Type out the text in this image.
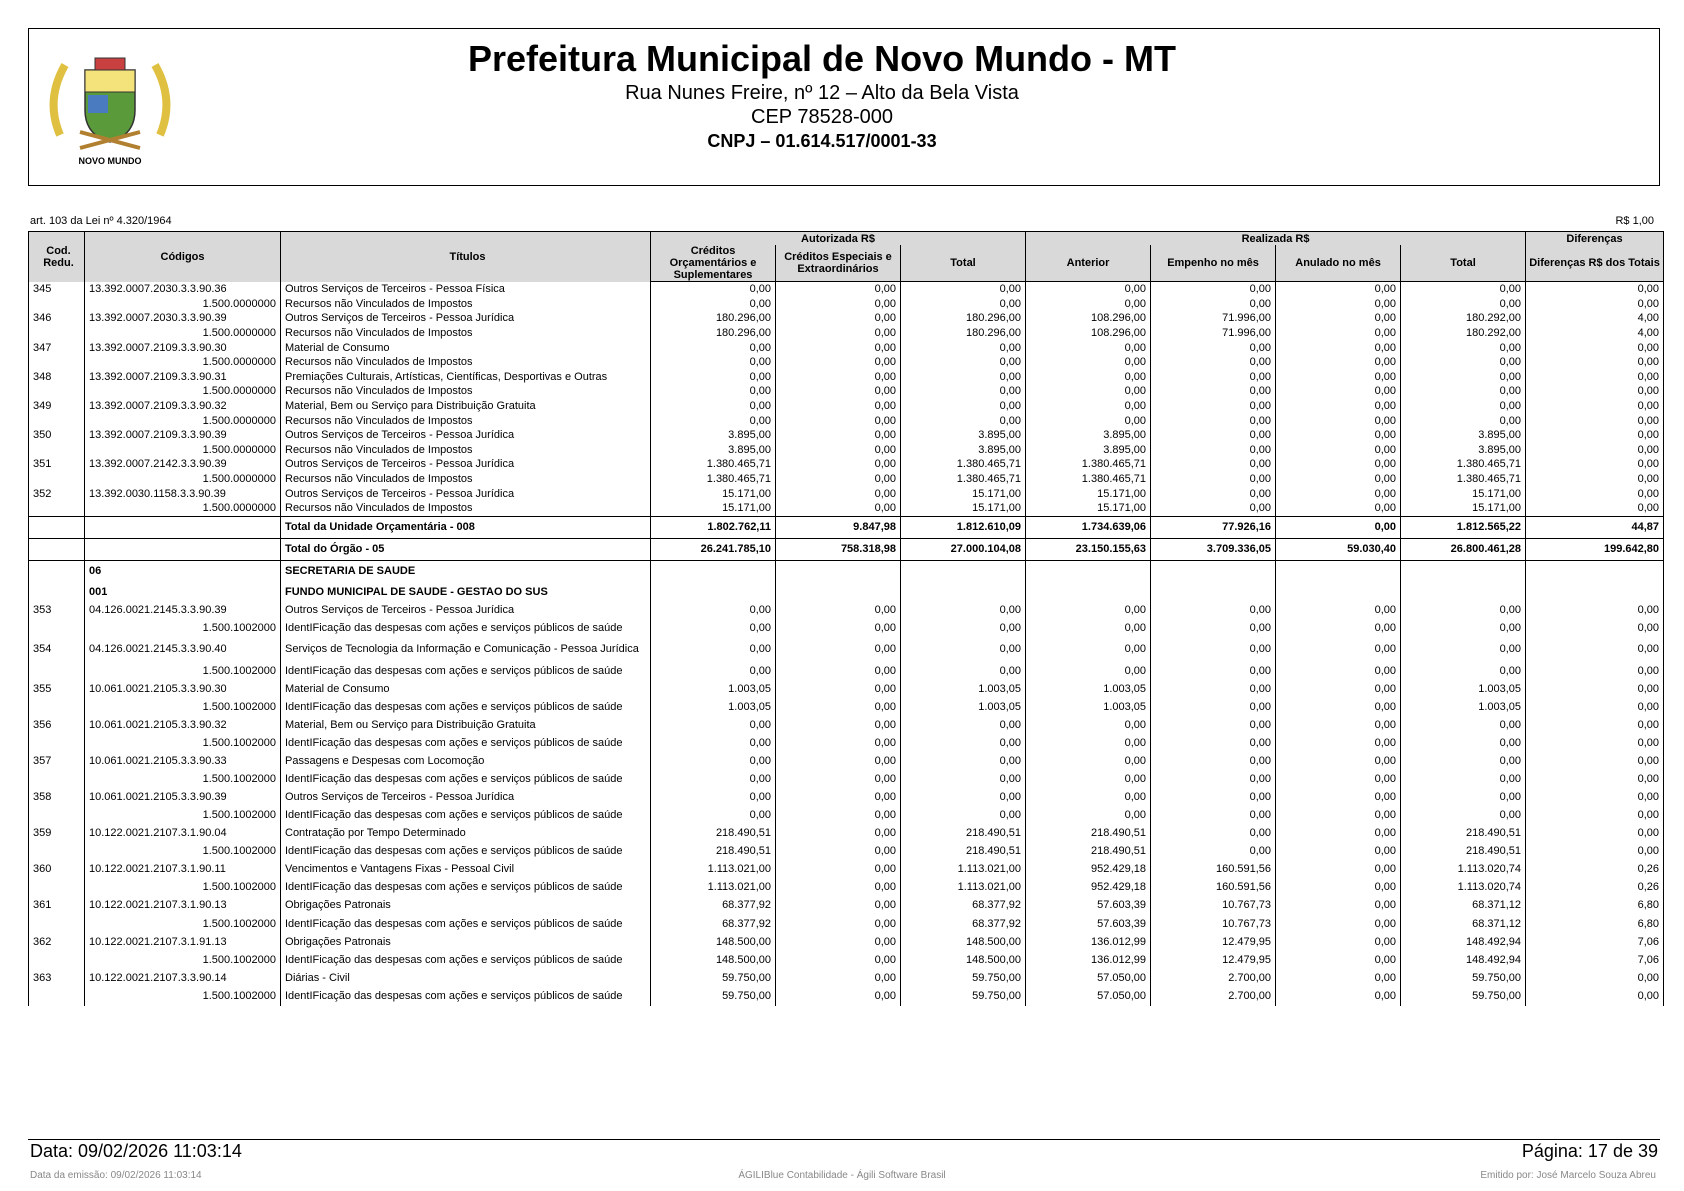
NOVO MUNDO
Prefeitura Municipal de Novo Mundo - MT
Rua Nunes Freire, nº 12 – Alto da Bela Vista
CEP 78528-000
CNPJ – 01.614.517/0001-33
art. 103 da Lei nº 4.320/1964	R$ 1,00
Cod. Redu.	Códigos	Títulos	Autorizada R$			Realizada R$				Diferenças
			Créditos Orçamentários e Suplementares	Créditos Especiais e Extraordinários	Total	Anterior	Empenho no mês	Anulado no mês	Total	Diferenças R$ dos Totais
345	13.392.0007.2030.3.3.90.36	Outros Serviços de Terceiros - Pessoa Física	0,00	0,00	0,00	0,00	0,00	0,00	0,00	0,00
	1.500.0000000	Recursos não Vinculados de Impostos	0,00	0,00	0,00	0,00	0,00	0,00	0,00	0,00
346	13.392.0007.2030.3.3.90.39	Outros Serviços de Terceiros - Pessoa Jurídica	180.296,00	0,00	180.296,00	108.296,00	71.996,00	0,00	180.292,00	4,00
	1.500.0000000	Recursos não Vinculados de Impostos	180.296,00	0,00	180.296,00	108.296,00	71.996,00	0,00	180.292,00	4,00
347	13.392.0007.2109.3.3.90.30	Material de Consumo	0,00	0,00	0,00	0,00	0,00	0,00	0,00	0,00
	1.500.0000000	Recursos não Vinculados de Impostos	0,00	0,00	0,00	0,00	0,00	0,00	0,00	0,00
348	13.392.0007.2109.3.3.90.31	Premiações Culturais, Artísticas, Científicas, Desportivas e Outras	0,00	0,00	0,00	0,00	0,00	0,00	0,00	0,00
	1.500.0000000	Recursos não Vinculados de Impostos	0,00	0,00	0,00	0,00	0,00	0,00	0,00	0,00
349	13.392.0007.2109.3.3.90.32	Material, Bem ou Serviço para Distribuição Gratuita	0,00	0,00	0,00	0,00	0,00	0,00	0,00	0,00
	1.500.0000000	Recursos não Vinculados de Impostos	0,00	0,00	0,00	0,00	0,00	0,00	0,00	0,00
350	13.392.0007.2109.3.3.90.39	Outros Serviços de Terceiros - Pessoa Jurídica	3.895,00	0,00	3.895,00	3.895,00	0,00	0,00	3.895,00	0,00
	1.500.0000000	Recursos não Vinculados de Impostos	3.895,00	0,00	3.895,00	3.895,00	0,00	0,00	3.895,00	0,00
351	13.392.0007.2142.3.3.90.39	Outros Serviços de Terceiros - Pessoa Jurídica	1.380.465,71	0,00	1.380.465,71	1.380.465,71	0,00	0,00	1.380.465,71	0,00
	1.500.0000000	Recursos não Vinculados de Impostos	1.380.465,71	0,00	1.380.465,71	1.380.465,71	0,00	0,00	1.380.465,71	0,00
352	13.392.0030.1158.3.3.90.39	Outros Serviços de Terceiros - Pessoa Jurídica	15.171,00	0,00	15.171,00	15.171,00	0,00	0,00	15.171,00	0,00
	1.500.0000000	Recursos não Vinculados de Impostos	15.171,00	0,00	15.171,00	15.171,00	0,00	0,00	15.171,00	0,00
		Total da Unidade Orçamentária - 008	1.802.762,11	9.847,98	1.812.610,09	1.734.639,06	77.926,16	0,00	1.812.565,22	44,87
		Total do Órgão - 05	26.241.785,10	758.318,98	27.000.104,08	23.150.155,63	3.709.336,05	59.030,40	26.800.461,28	199.642,80
	06	SECRETARIA DE SAUDE								
	001	FUNDO MUNICIPAL DE SAUDE - GESTAO DO SUS								
353	04.126.0021.2145.3.3.90.39	Outros Serviços de Terceiros - Pessoa Jurídica	0,00	0,00	0,00	0,00	0,00	0,00	0,00	0,00
	1.500.1002000	IdentIFicação das despesas com ações e serviços públicos de saúde	0,00	0,00	0,00	0,00	0,00	0,00	0,00	0,00
354	04.126.0021.2145.3.3.90.40	Serviços de Tecnologia da Informação e Comunicação - Pessoa Jurídica	0,00	0,00	0,00	0,00	0,00	0,00	0,00	0,00
	1.500.1002000	IdentIFicação das despesas com ações e serviços públicos de saúde	0,00	0,00	0,00	0,00	0,00	0,00	0,00	0,00
355	10.061.0021.2105.3.3.90.30	Material de Consumo	1.003,05	0,00	1.003,05	1.003,05	0,00	0,00	1.003,05	0,00
	1.500.1002000	IdentIFicação das despesas com ações e serviços públicos de saúde	1.003,05	0,00	1.003,05	1.003,05	0,00	0,00	1.003,05	0,00
356	10.061.0021.2105.3.3.90.32	Material, Bem ou Serviço para Distribuição Gratuita	0,00	0,00	0,00	0,00	0,00	0,00	0,00	0,00
	1.500.1002000	IdentIFicação das despesas com ações e serviços públicos de saúde	0,00	0,00	0,00	0,00	0,00	0,00	0,00	0,00
357	10.061.0021.2105.3.3.90.33	Passagens e Despesas com Locomoção	0,00	0,00	0,00	0,00	0,00	0,00	0,00	0,00
	1.500.1002000	IdentIFicação das despesas com ações e serviços públicos de saúde	0,00	0,00	0,00	0,00	0,00	0,00	0,00	0,00
358	10.061.0021.2105.3.3.90.39	Outros Serviços de Terceiros - Pessoa Jurídica	0,00	0,00	0,00	0,00	0,00	0,00	0,00	0,00
	1.500.1002000	IdentIFicação das despesas com ações e serviços públicos de saúde	0,00	0,00	0,00	0,00	0,00	0,00	0,00	0,00
359	10.122.0021.2107.3.1.90.04	Contratação por Tempo Determinado	218.490,51	0,00	218.490,51	218.490,51	0,00	0,00	218.490,51	0,00
	1.500.1002000	IdentIFicação das despesas com ações e serviços públicos de saúde	218.490,51	0,00	218.490,51	218.490,51	0,00	0,00	218.490,51	0,00
360	10.122.0021.2107.3.1.90.11	Vencimentos e Vantagens Fixas - Pessoal Civil	1.113.021,00	0,00	1.113.021,00	952.429,18	160.591,56	0,00	1.113.020,74	0,26
	1.500.1002000	IdentIFicação das despesas com ações e serviços públicos de saúde	1.113.021,00	0,00	1.113.021,00	952.429,18	160.591,56	0,00	1.113.020,74	0,26
361	10.122.0021.2107.3.1.90.13	Obrigações Patronais	68.377,92	0,00	68.377,92	57.603,39	10.767,73	0,00	68.371,12	6,80
	1.500.1002000	IdentIFicação das despesas com ações e serviços públicos de saúde	68.377,92	0,00	68.377,92	57.603,39	10.767,73	0,00	68.371,12	6,80
362	10.122.0021.2107.3.1.91.13	Obrigações Patronais	148.500,00	0,00	148.500,00	136.012,99	12.479,95	0,00	148.492,94	7,06
	1.500.1002000	IdentIFicação das despesas com ações e serviços públicos de saúde	148.500,00	0,00	148.500,00	136.012,99	12.479,95	0,00	148.492,94	7,06
363	10.122.0021.2107.3.3.90.14	Diárias - Civil	59.750,00	0,00	59.750,00	57.050,00	2.700,00	0,00	59.750,00	0,00
	1.500.1002000	IdentIFicação das despesas com ações e serviços públicos de saúde	59.750,00	0,00	59.750,00	57.050,00	2.700,00	0,00	59.750,00	0,00
Data: 09/02/2026 11:03:14	Página: 17 de 39
Data da emissão: 09/02/2026 11:03:14	ÁGILIBlue Contabilidade - Ágili Software Brasil	Emitido por: José Marcelo Souza Abreu
